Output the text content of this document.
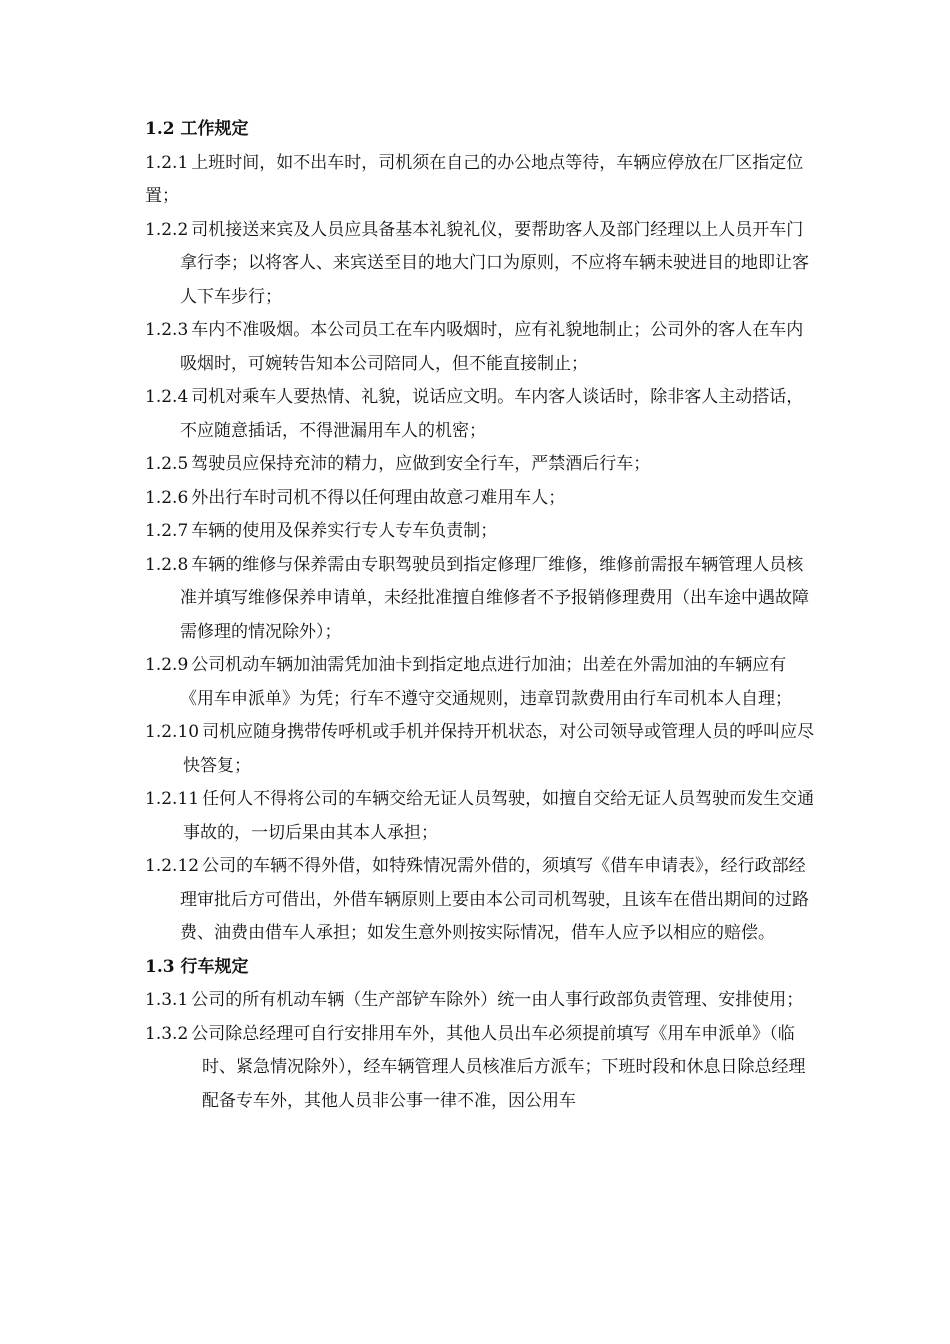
1.2 工作规定

1.2.1 上班时间，如不出车时，司机须在自己的办公地点等待，车辆应停放在厂区指定位置；

1.2.2 司机接送来宾及人员应具备基本礼貌礼仪，要帮助客人及部门经理以上人员开车门拿行李；以将客人、来宾送至目的地大门口为原则，不应将车辆未驶进目的地即让客人下车步行；

1.2.3 车内不准吸烟。本公司员工在车内吸烟时，应有礼貌地制止；公司外的客人在车内吸烟时，可婉转告知本公司陪同人，但不能直接制止；

1.2.4 司机对乘车人要热情、礼貌，说话应文明。车内客人谈话时，除非客人主动搭话，不应随意插话，不得泄漏用车人的机密；

1.2.5 驾驶员应保持充沛的精力，应做到安全行车，严禁酒后行车；

1.2.6 外出行车时司机不得以任何理由故意刁难用车人；

1.2.7 车辆的使用及保养实行专人专车负责制；

1.2.8 车辆的维修与保养需由专职驾驶员到指定修理厂维修，维修前需报车辆管理人员核准并填写维修保养申请单，未经批准擅自维修者不予报销修理费用（出车途中遇故障需修理的情况除外）；

1.2.9 公司机动车辆加油需凭加油卡到指定地点进行加油；出差在外需加油的车辆应有《用车申派单》为凭；行车不遵守交通规则，违章罚款费用由行车司机本人自理；

1.2.10 司机应随身携带传呼机或手机并保持开机状态，对公司领导或管理人员的呼叫应尽快答复；

1.2.11 任何人不得将公司的车辆交给无证人员驾驶，如擅自交给无证人员驾驶而发生交通事故的，一切后果由其本人承担；

1.2.12 公司的车辆不得外借，如特殊情况需外借的，须填写《借车申请表》，经行政部经理审批后方可借出，外借车辆原则上要由本公司司机驾驶，且该车在借出期间的过路费、油费由借车人承担；如发生意外则按实际情况，借车人应予以相应的赔偿。

1.3 行车规定

1.3.1 公司的所有机动车辆（生产部铲车除外）统一由人事行政部负责管理、安排使用；

1.3.2 公司除总经理可自行安排用车外，其他人员出车必须提前填写《用车申派单》（临时、紧急情况除外），经车辆管理人员核准后方派车；下班时段和休息日除总经理配备专车外，其他人员非公事一律不准，因公用车
